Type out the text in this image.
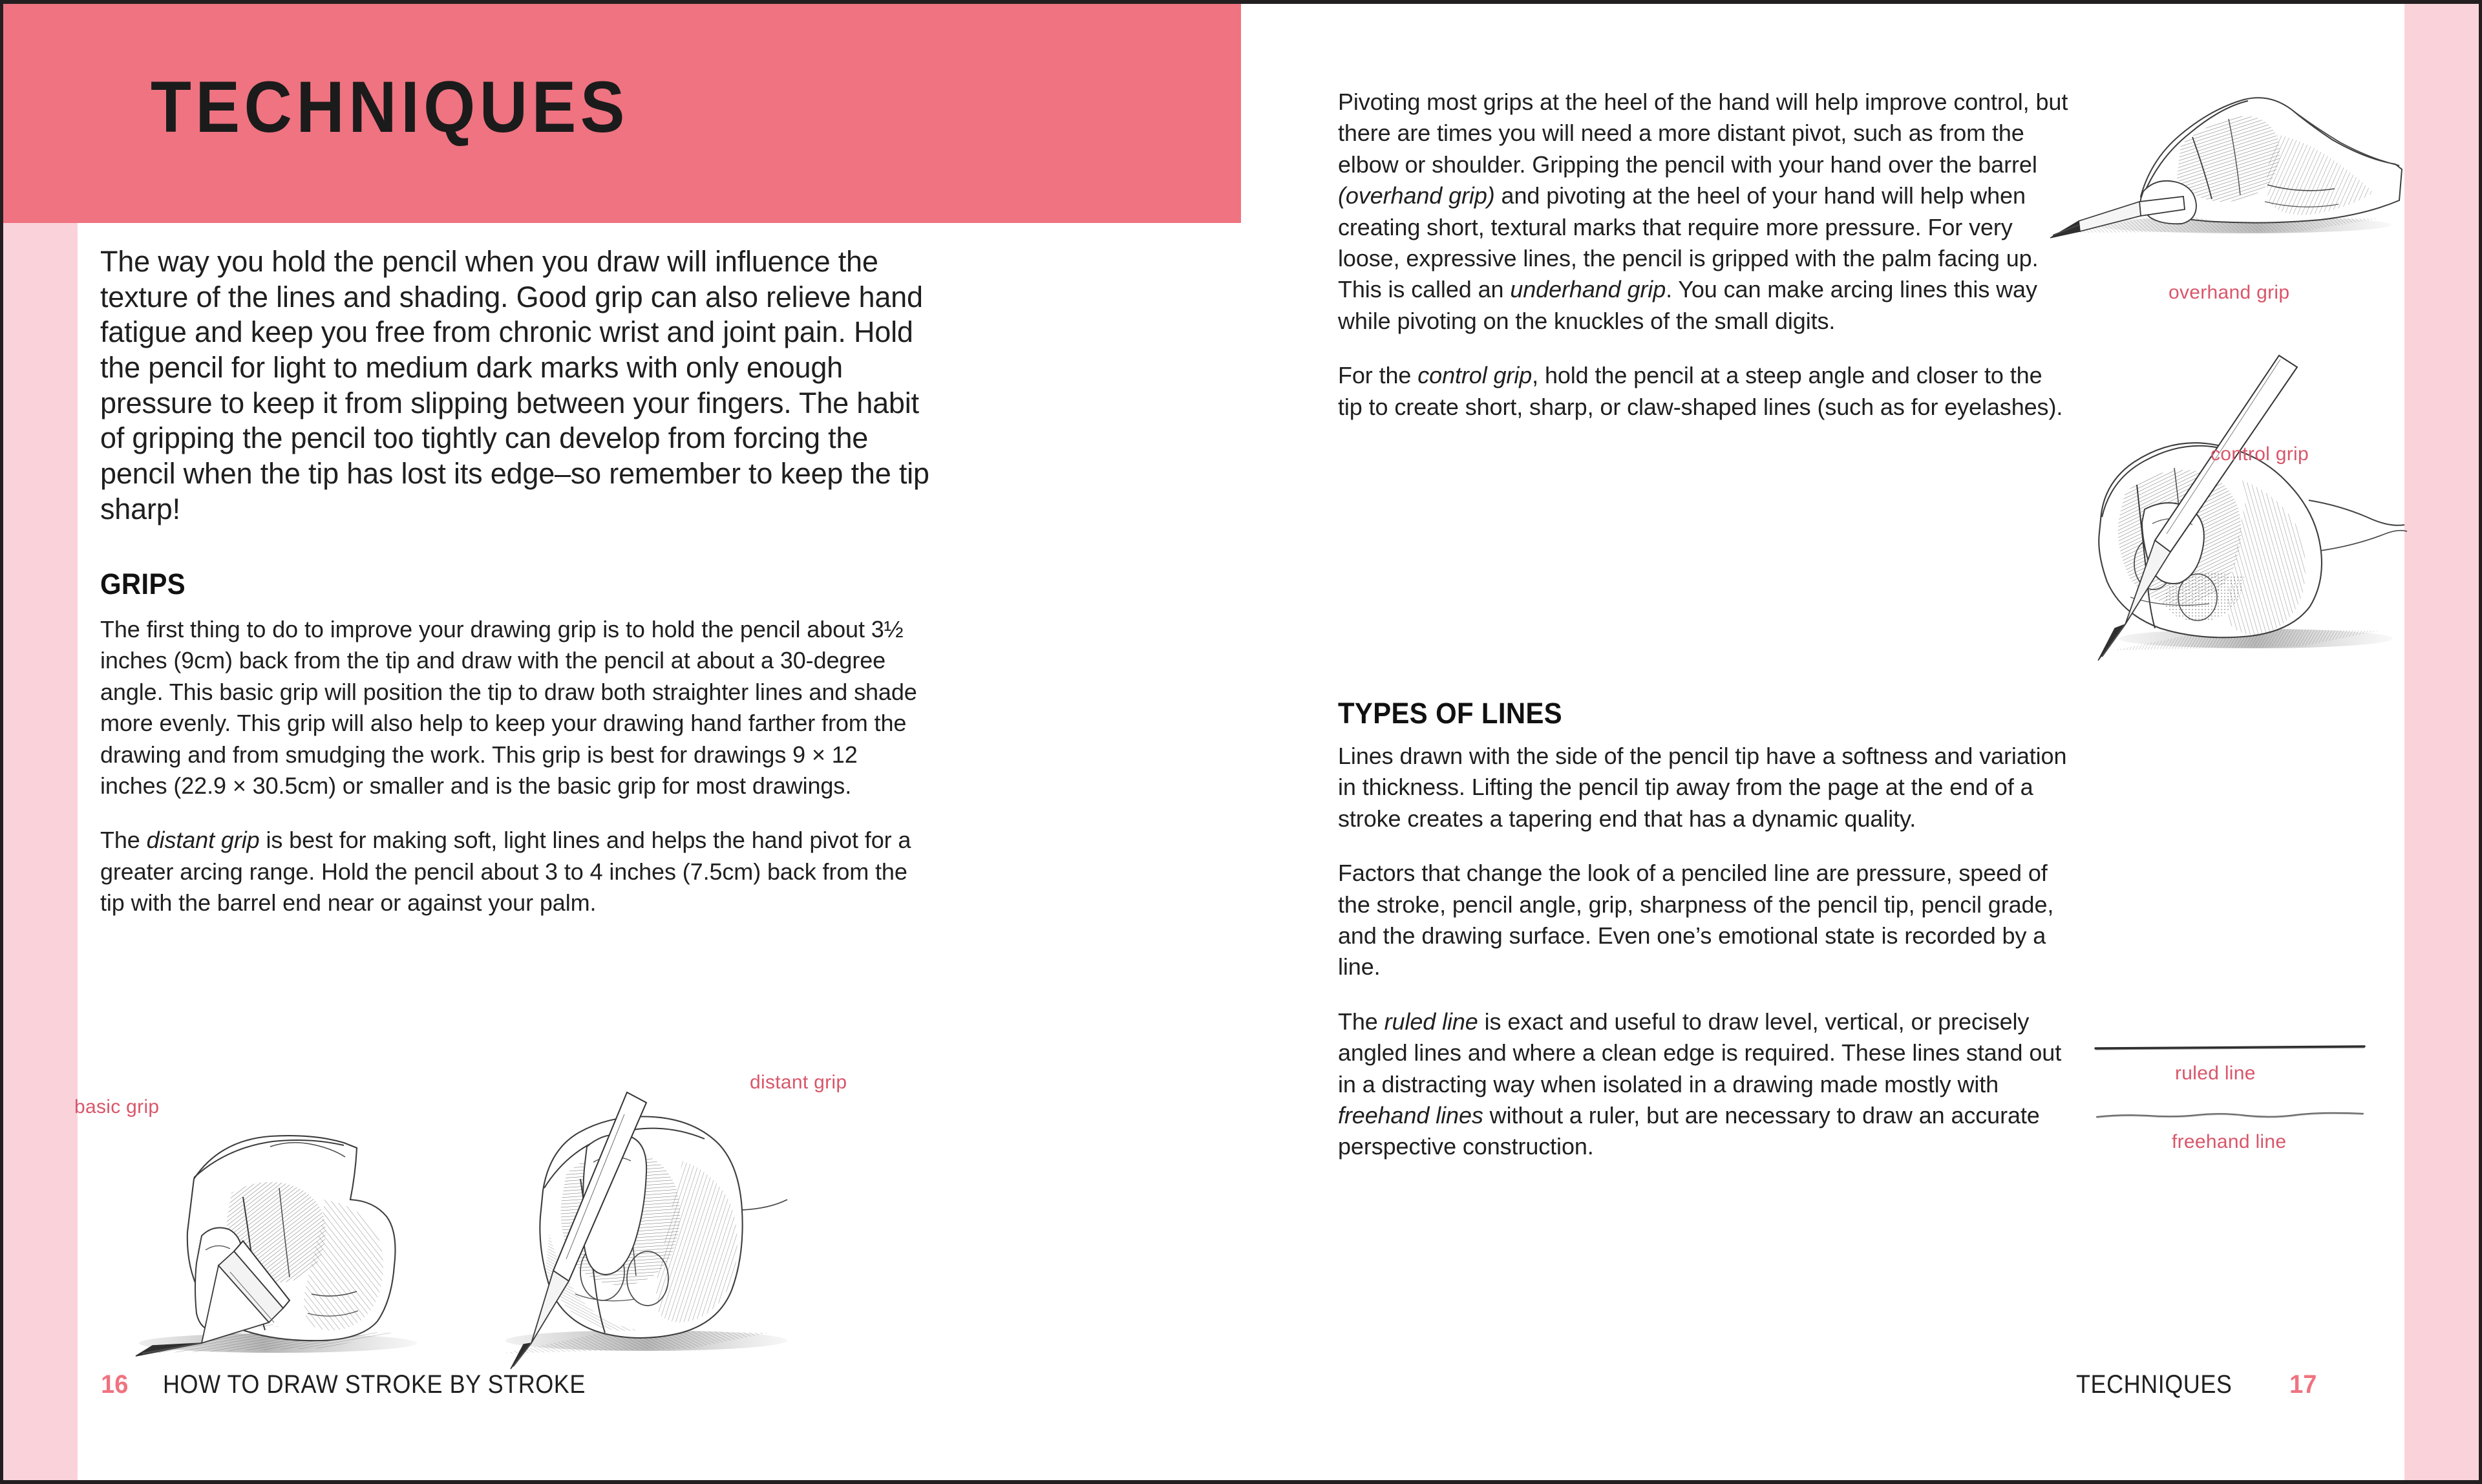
The way you hold the pencil when you draw will influence the texture of the lines and shading. Good grip can also relieve hand fatigue and keep you free from chronic wrist and joint pain. Hold the pencil for light to medium dark marks with only enough pressure to keep it from slipping between your fingers. The habit of gripping the pencil too tightly can develop from forcing the pencil when the tip has lost its edge–so remember to keep the tip sharp!
GRIPS

The first thing to do to improve your drawing grip is to hold the pencil about 3½ inches (9cm) back from the tip and draw with the pencil at about a 30-degree angle. This basic grip will position the tip to draw both straighter lines and shade more evenly. This grip will also help to keep your drawing hand farther from the drawing and from smudging the work. This grip is best for drawings 9 × 12 inches (22.9 × 30.5cm) or smaller and is the basic grip for most drawings.

The distant grip is best for making soft, light lines and helps the hand pivot for a greater arcing range. Hold the pencil about 3 to 4 inches (7.5cm) back from the tip with the barrel end near or against your palm.

basic grip
distant grip
16 HOW TO DRAW STROKE BY STROKE
TECHNIQUES	Pivoting most grips at the heel of the hand will help improve control, but there are times you will need a more distant pivot, such as from the elbow or shoulder. Gripping the pencil with your hand over the barrel (overhand grip) and pivoting at the heel of your hand will help when creating short, textural marks that require more pressure. For very loose, expressive lines, the pencil is gripped with the palm facing up. This is called an underhand grip. You can make arcing lines this way while pivoting on the knuckles of the small digits.

For the control grip, hold the pencil at a steep angle and closer to the tip to create short, sharp, or claw-shaped lines (such as for eyelashes).

TYPES OF LINES

Lines drawn with the side of the pencil tip have a softness and variation in thickness. Lifting the pencil tip away from the page at the end of a stroke creates a tapering end that has a dynamic quality.

Factors that change the look of a penciled line are pressure, speed of the stroke, pencil angle, grip, sharpness of the pencil tip, pencil grade, and the drawing surface. Even one’s emotional state is recorded by a line.

The ruled line is exact and useful to draw level, vertical, or precisely angled lines and where a clean edge is required. These lines stand out in a distracting way when isolated in a drawing made mostly with freehand lines without a ruler, but are necessary to draw an accurate perspective construction.

overhand grip
control grip
ruled line
freehand line
TECHNIQUES 17
